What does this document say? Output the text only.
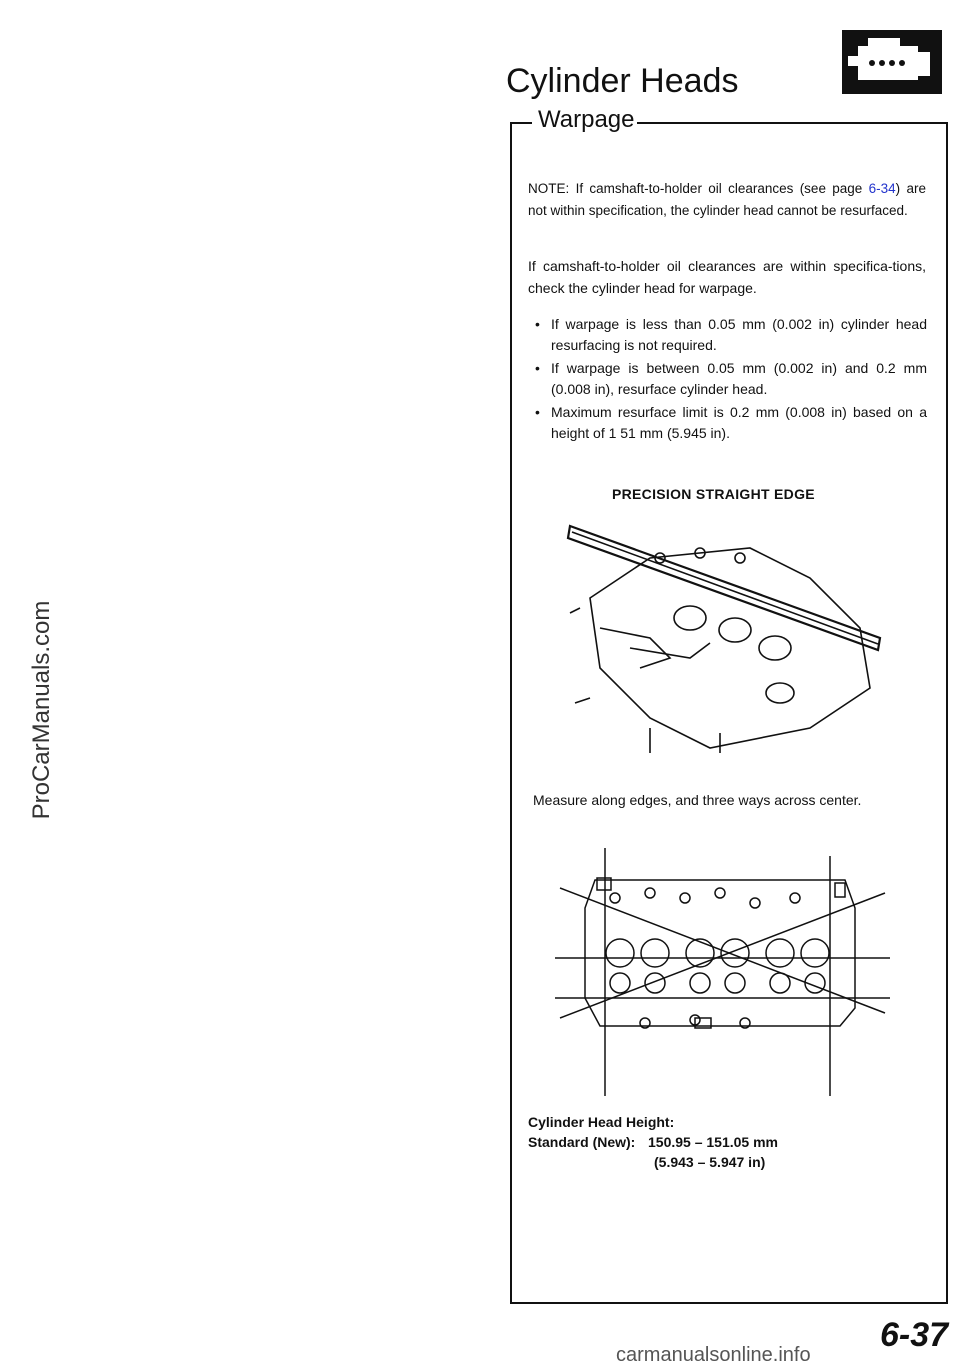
ProCarManuals.com
Cylinder Heads
Warpage
NOTE: If camshaft-to-holder oil clearances (see page 6-34) are not within specification, the cylinder head cannot be resurfaced.
If camshaft-to-holder oil clearances are within specifica-tions, check the cylinder head for warpage.
• If warpage is less than 0.05 mm (0.002 in) cylinder head resurfacing is not required.
• If warpage is between 0.05 mm (0.002 in) and 0.2 mm (0.008 in), resurface cylinder head.
• Maximum resurface limit is 0.2 mm (0.008 in) based on a height of 1 51 mm (5.945 in).
PRECISION STRAIGHT EDGE
Measure along edges, and three ways across center.
Cylinder Head Height:
Standard (New): 150.95 – 151.05 mm
(5.943 – 5.947 in)
6-37
carmanualsonline.info
